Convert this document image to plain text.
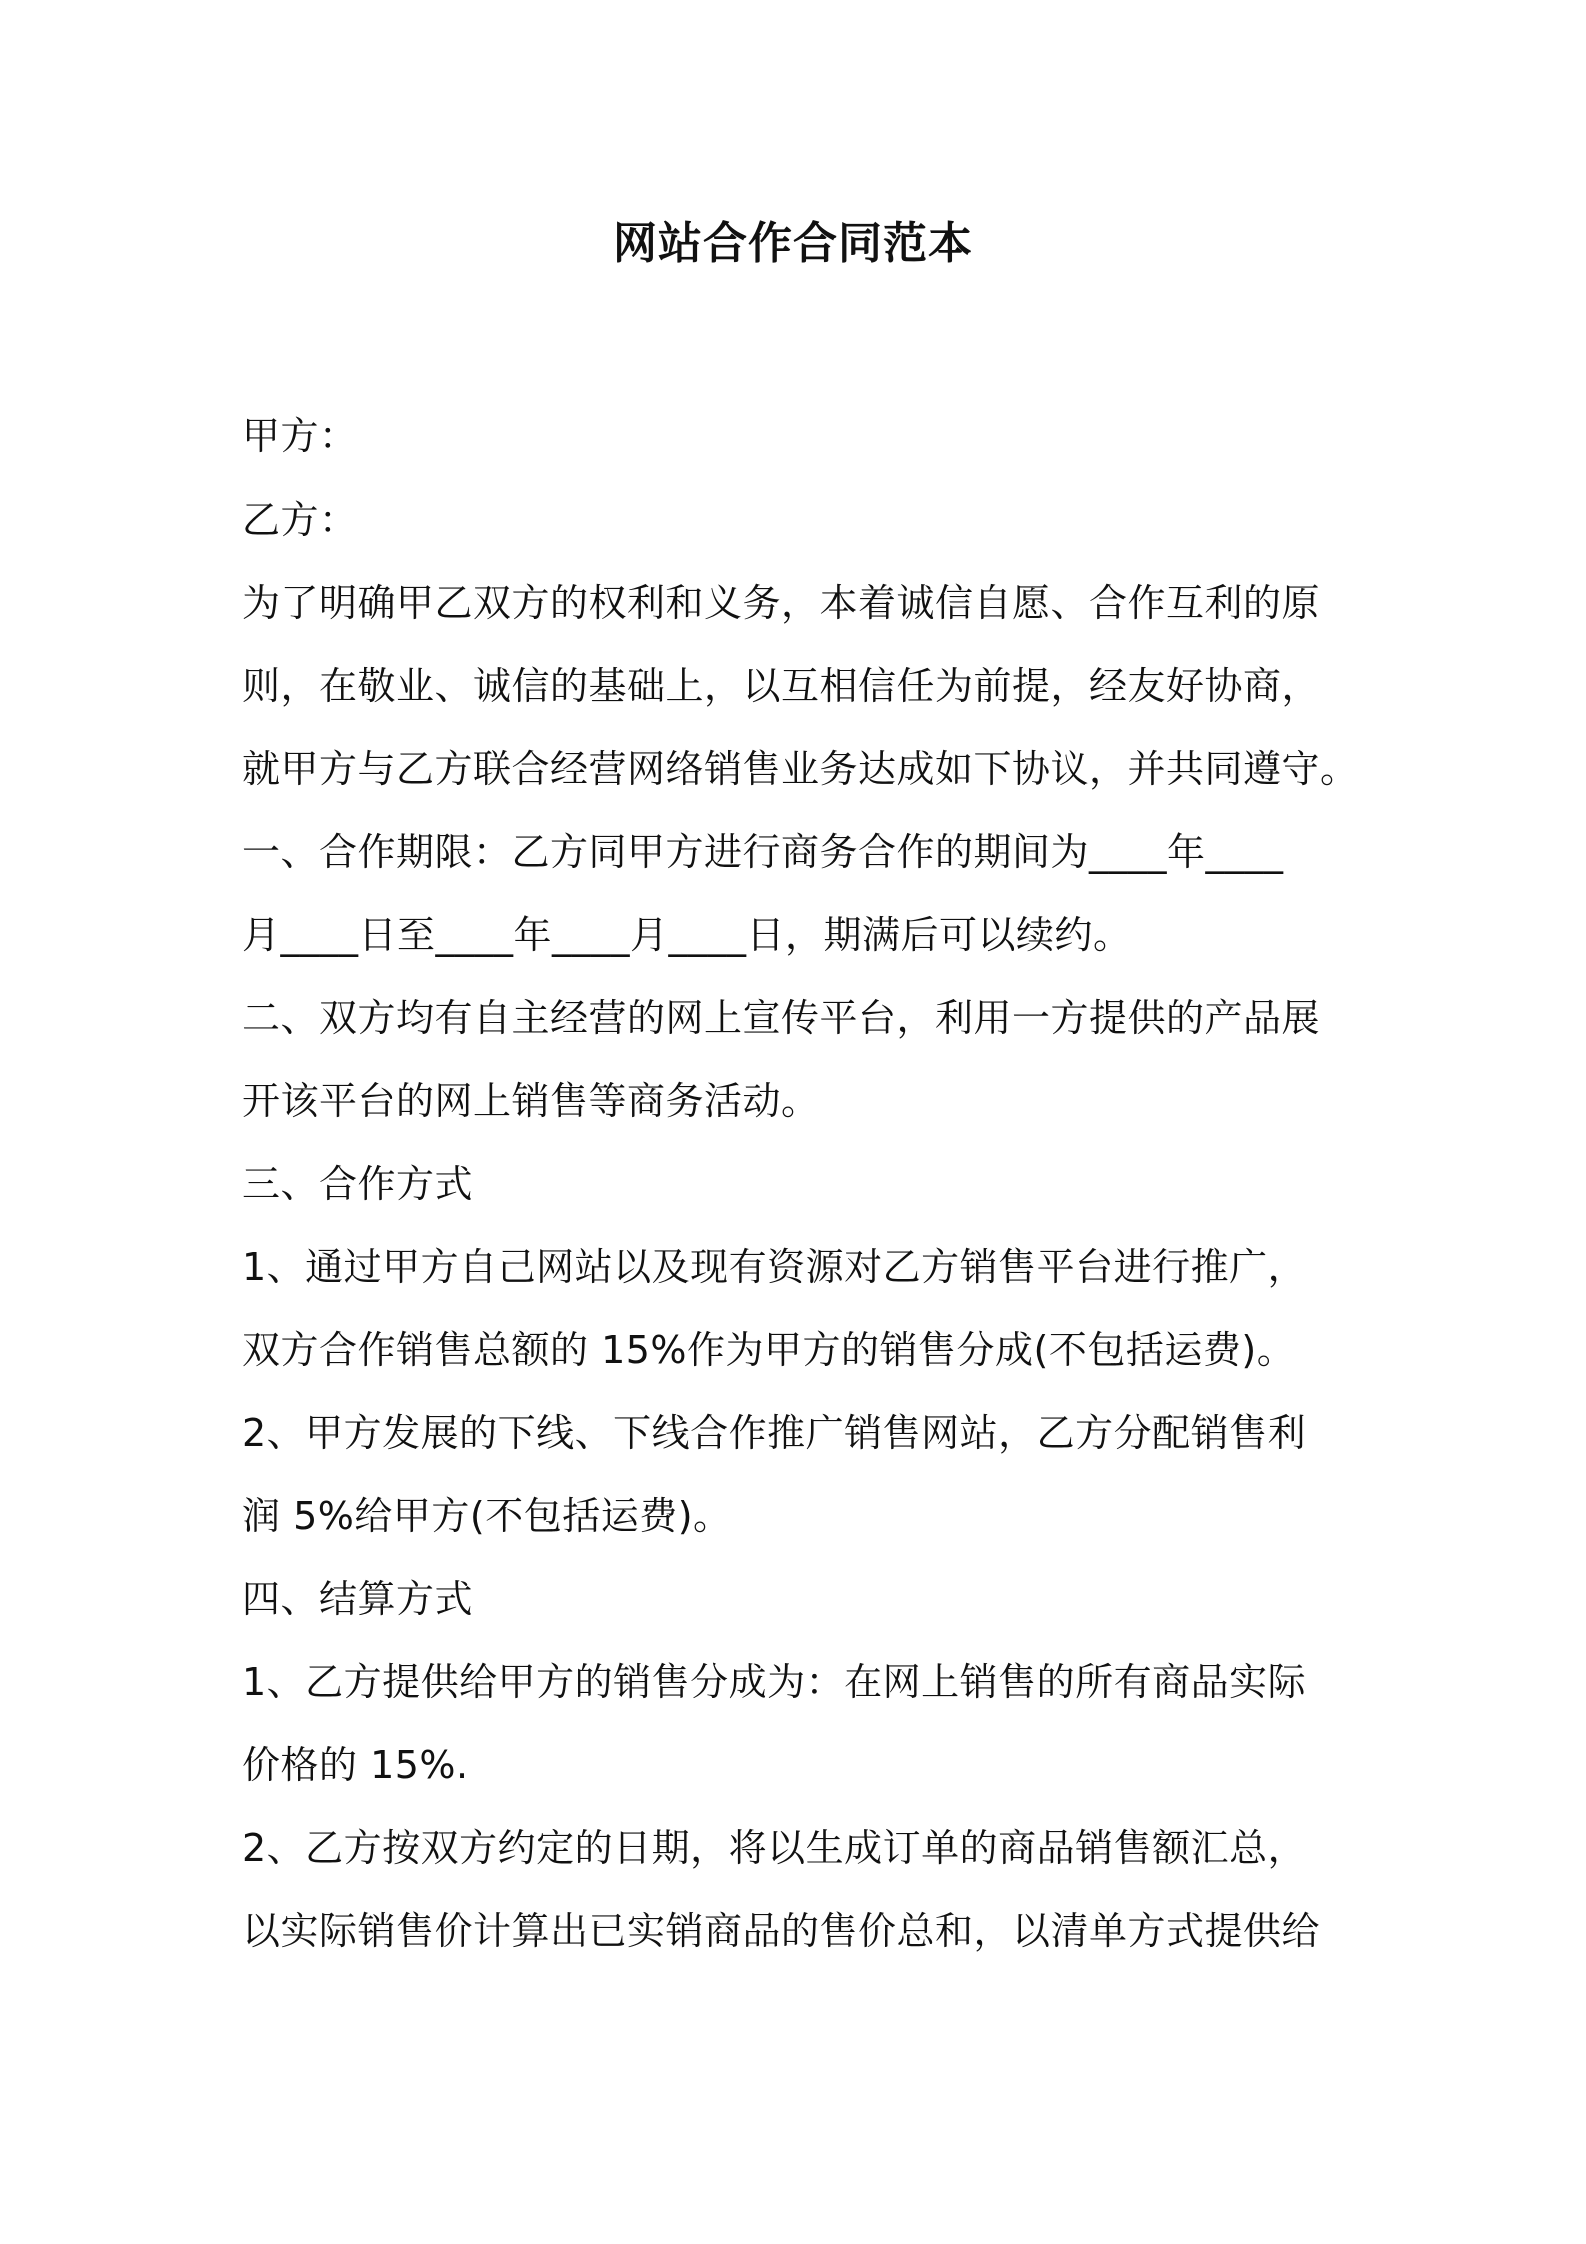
网站合作合同范本
甲方：
乙方：
为了明确甲乙双方的权利和义务，本着诚信自愿、合作互利的原
则，在敬业、诚信的基础上，以互相信任为前提，经友好协商，
就甲方与乙方联合经营网络销售业务达成如下协议，并共同遵守。
一、合作期限：乙方同甲方进行商务合作的期间为____年____
月____日至____年____月____日，期满后可以续约。
二、双方均有自主经营的网上宣传平台，利用一方提供的产品展
开该平台的网上销售等商务活动。
三、合作方式
1、通过甲方自己网站以及现有资源对乙方销售平台进行推广，
双方合作销售总额的 15%作为甲方的销售分成(不包括运费)。
2、甲方发展的下线、下线合作推广销售网站，乙方分配销售利
润 5%给甲方(不包括运费)。
四、结算方式
1、乙方提供给甲方的销售分成为：在网上销售的所有商品实际
价格的 15%.
2、乙方按双方约定的日期，将以生成订单的商品销售额汇总，
以实际销售价计算出已实销商品的售价总和，以清单方式提供给
